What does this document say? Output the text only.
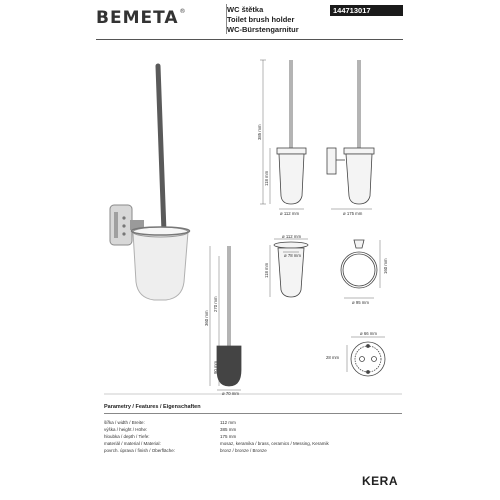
BEMETA®	WC štětka
Toilet brush holder
WC-Bürstengarnitur
144713017
385 mm
118 mm
ø 112 mm	ø 175 mm
ø 112 mm
ø 78 mm
118 mm	160 mm
ø 95 mm
360 mm
270 mm
90 mm
ø 70 mm
ø 66 mm
28 mm
Parametry / Features / Eigenschaften
šířka / width / Breite:	112 mm
výška / height / Höhe:	385 mm
hloubka / depth / Tiefe:	175 mm
materiál / material / Material:	mosaz, keramika / brass, ceramics / Messing, Keramik
povrch. úprava / finish / Oberfläche:	bronz / bronze / Bronze
KERA
